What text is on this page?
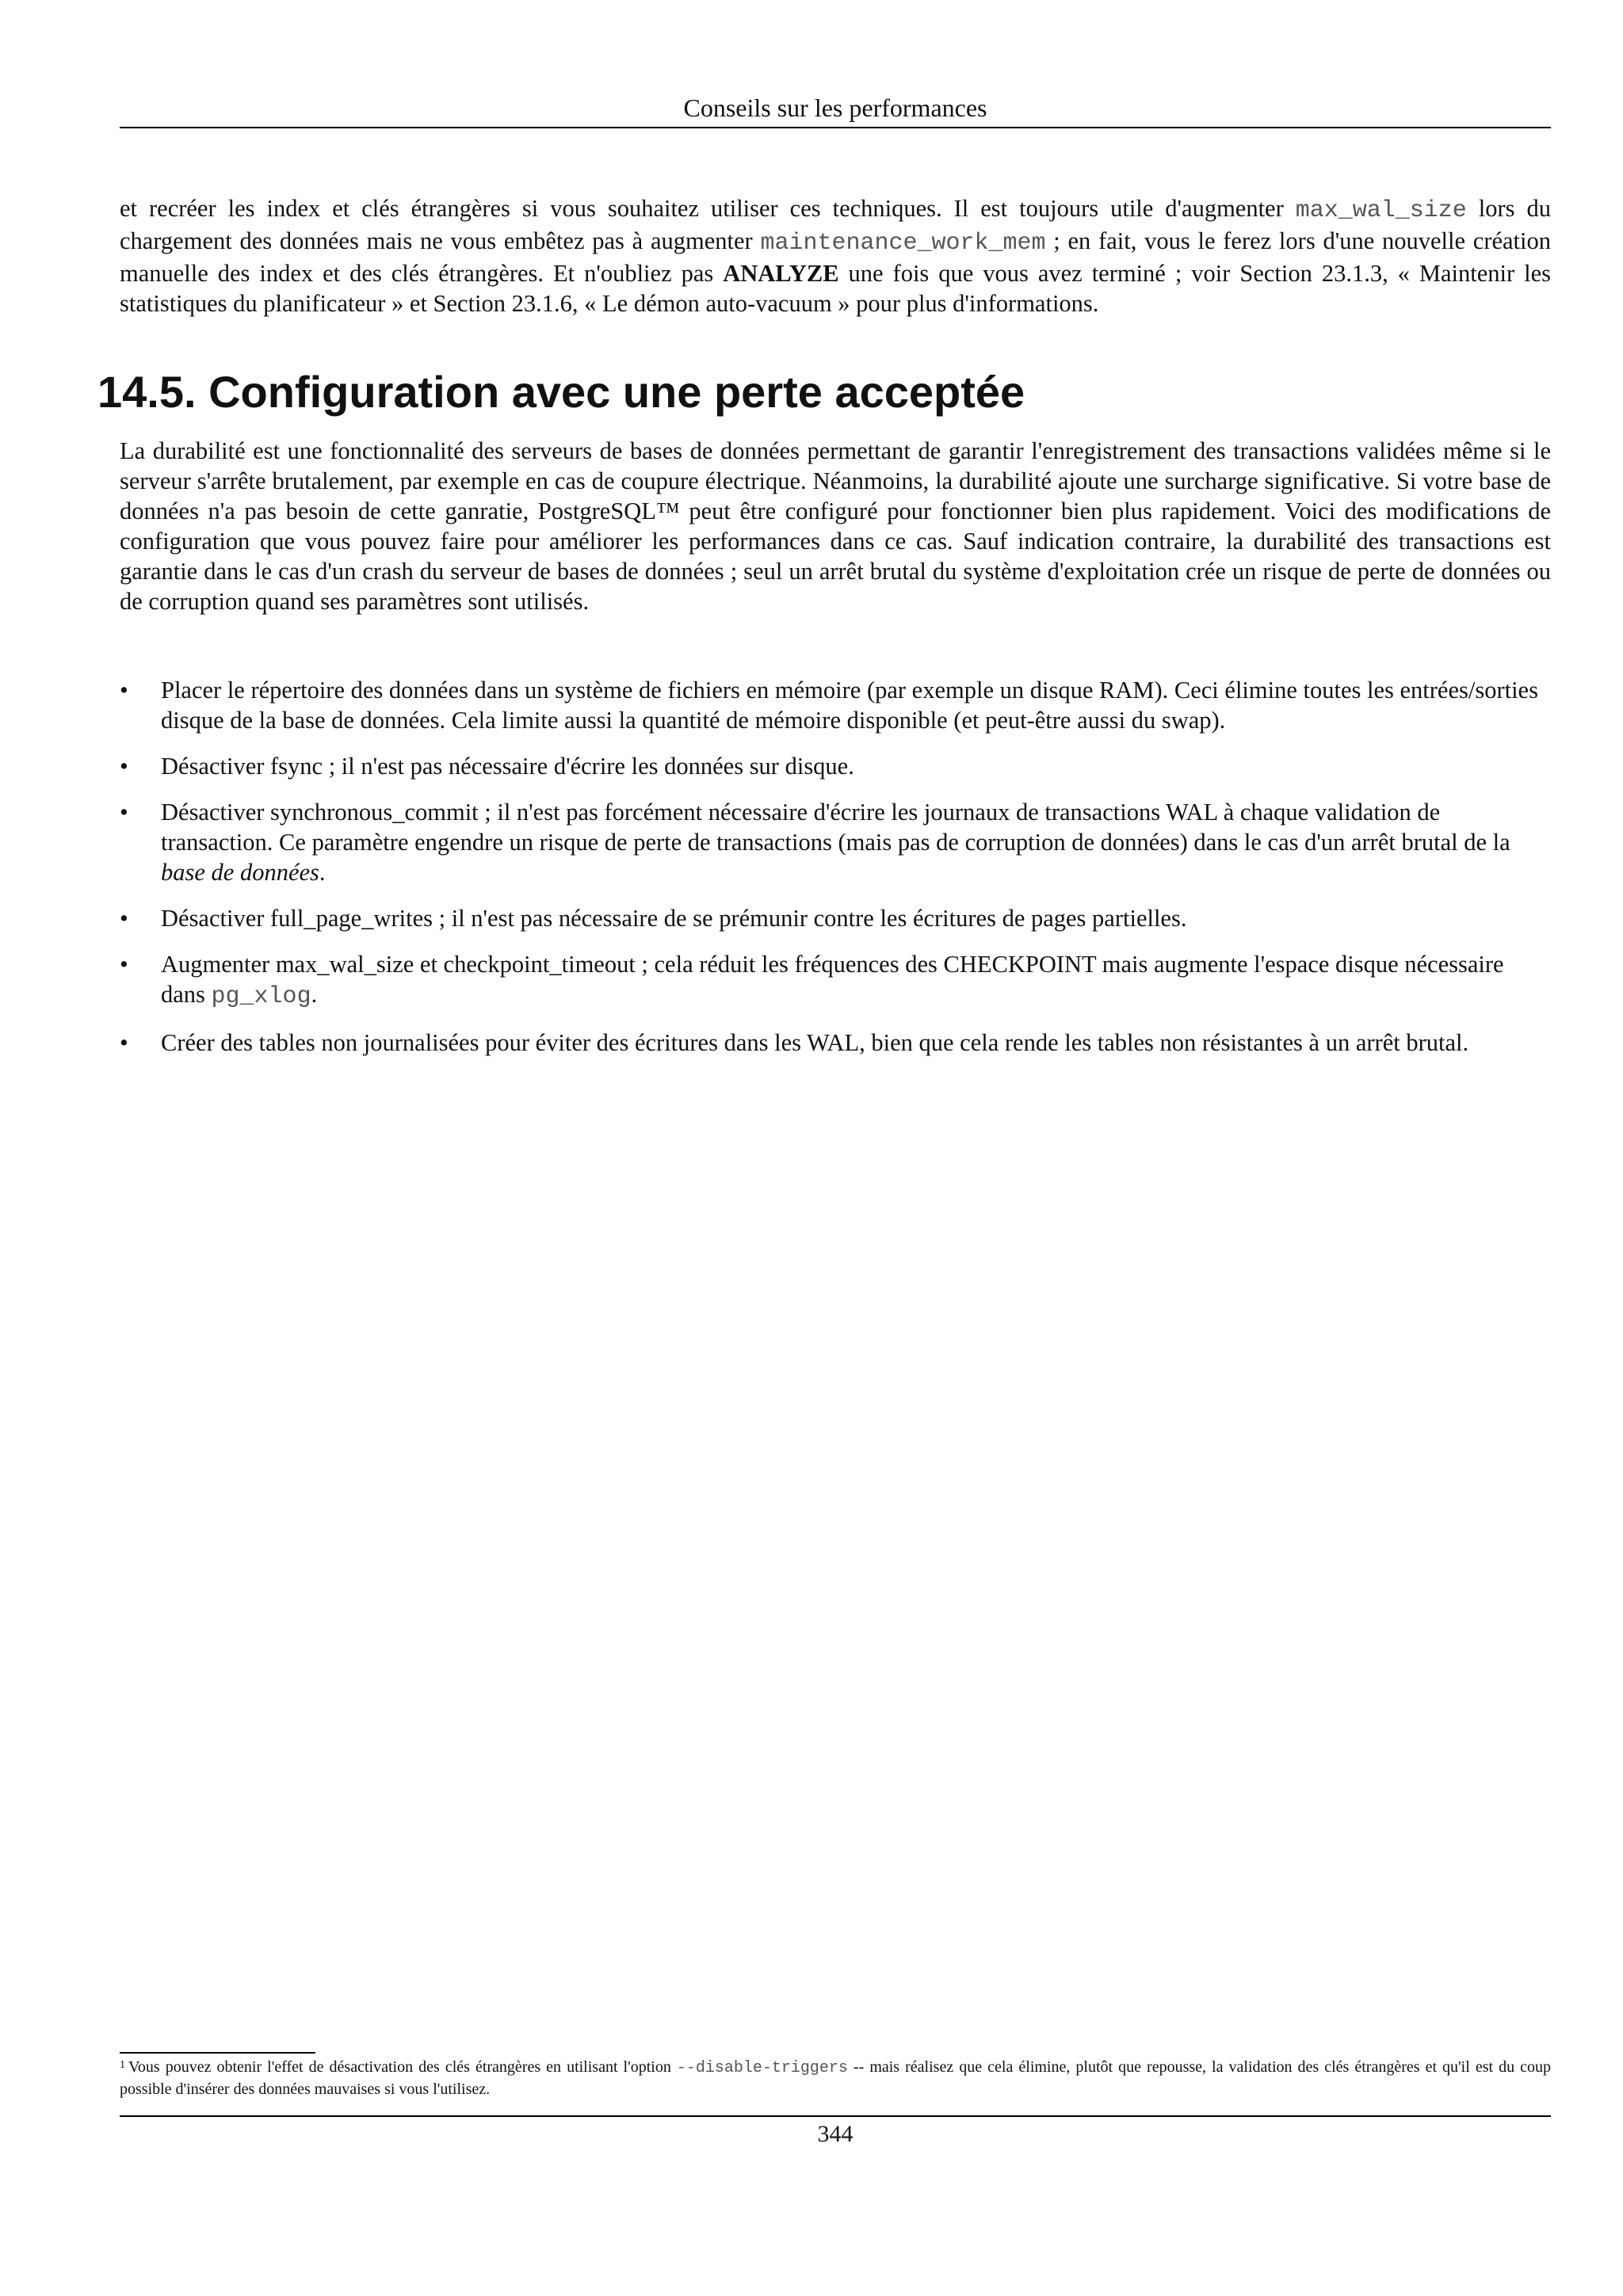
Conseils sur les performances

et recréer les index et clés étrangères si vous souhaitez utiliser ces techniques. Il est toujours utile d'augmenter max_wal_size lors du chargement des données mais ne vous embêtez pas à augmenter maintenance_work_mem ; en fait, vous le ferez lors d'une nouvelle création manuelle des index et des clés étrangères. Et n'oubliez pas ANALYZE une fois que vous avez terminé ; voir Section 23.1.3, « Maintenir les statistiques du planificateur » et Section 23.1.6, « Le démon auto-vacuum » pour plus d'informations.

14.5. Configuration avec une perte acceptée

La durabilité est une fonctionnalité des serveurs de bases de données permettant de garantir l'enregistrement des transactions validées même si le serveur s'arrête brutalement, par exemple en cas de coupure électrique. Néanmoins, la durabilité ajoute une surcharge significative. Si votre base de données n'a pas besoin de cette ganratie, PostgreSQL™ peut être configuré pour fonctionner bien plus rapidement. Voici des modifications de configuration que vous pouvez faire pour améliorer les performances dans ce cas. Sauf indication contraire, la durabilité des transactions est garantie dans le cas d'un crash du serveur de bases de données ; seul un arrêt brutal du système d'exploitation crée un risque de perte de données ou de corruption quand ses paramètres sont utilisés.

• Placer le répertoire des données dans un système de fichiers en mémoire (par exemple un disque RAM). Ceci élimine toutes les entrées/sorties disque de la base de données. Cela limite aussi la quantité de mémoire disponible (et peut-être aussi du swap).
• Désactiver fsync ; il n'est pas nécessaire d'écrire les données sur disque.
• Désactiver synchronous_commit ; il n'est pas forcément nécessaire d'écrire les journaux de transactions WAL à chaque validation de transaction. Ce paramètre engendre un risque de perte de transactions (mais pas de corruption de données) dans le cas d'un arrêt brutal de la base de données.
• Désactiver full_page_writes ; il n'est pas nécessaire de se prémunir contre les écritures de pages partielles.
• Augmenter max_wal_size et checkpoint_timeout ; cela réduit les fréquences des CHECKPOINT mais augmente l'espace disque nécessaire dans pg_xlog.
• Créer des tables non journalisées pour éviter des écritures dans les WAL, bien que cela rende les tables non résistantes à un arrêt brutal.

$^1$ Vous pouvez obtenir l'effet de désactivation des clés étrangères en utilisant l'option --disable-triggers -- mais réalisez que cela élimine, plutôt que repousse, la validation des clés étrangères et qu'il est du coup possible d'insérer des données mauvaises si vous l'utilisez.

344
